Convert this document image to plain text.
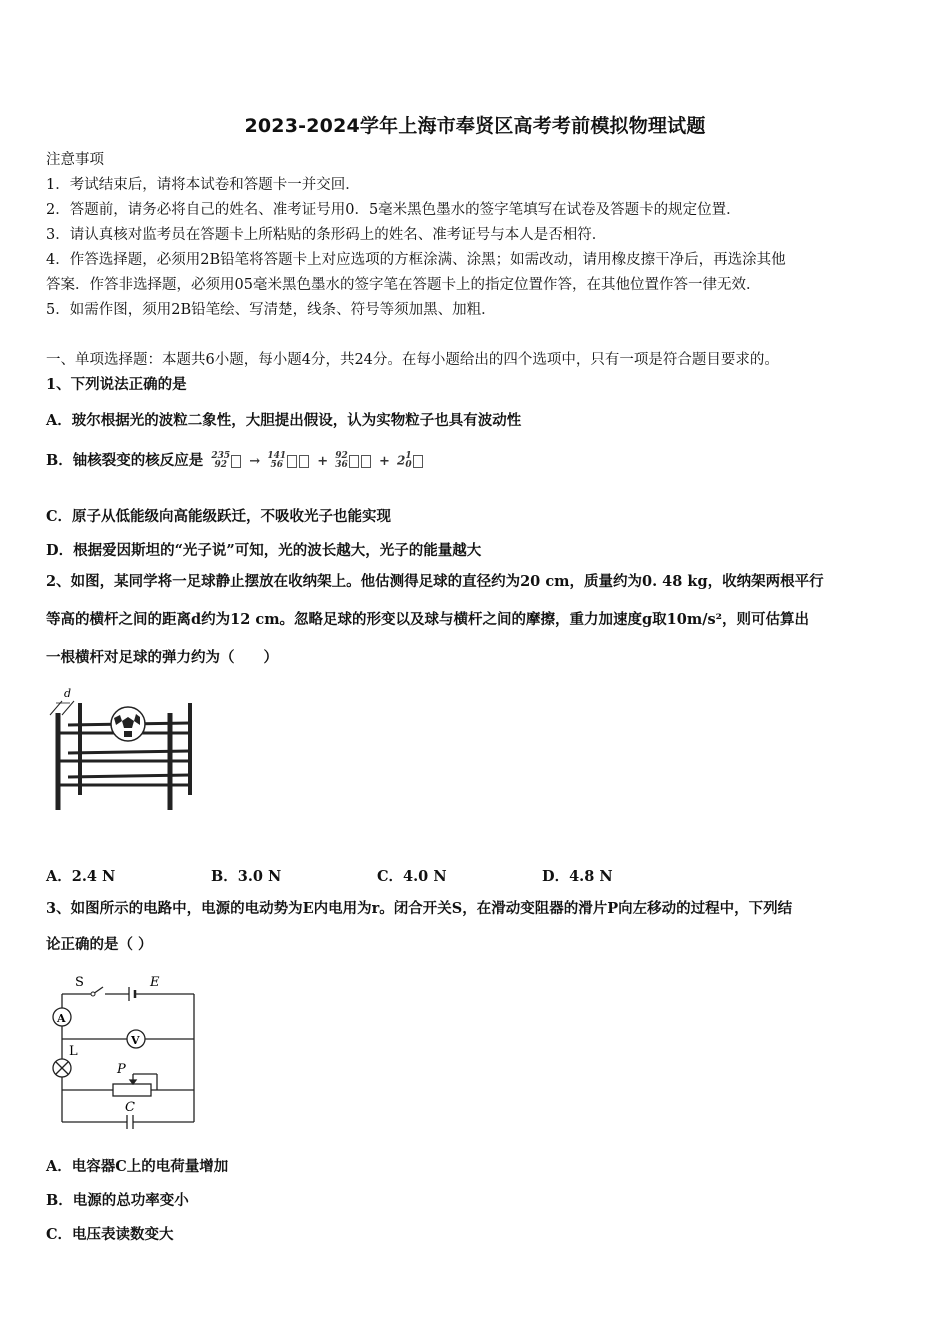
2023-2024学年上海市奉贤区高考考前模拟物理试题
注意事项
1．考试结束后，请将本试卷和答题卡一并交回．
2．答题前，请务必将自己的姓名、准考证号用0．5毫米黑色墨水的签字笔填写在试卷及答题卡的规定位置．
3．请认真核对监考员在答题卡上所粘贴的条形码上的姓名、准考证号与本人是否相符．
4．作答选择题，必须用2B铅笔将答题卡上对应选项的方框涂满、涂黑；如需改动，请用橡皮擦干净后，再选涂其他
答案．作答非选择题，必须用05毫米黑色墨水的签字笔在答题卡上的指定位置作答，在其他位置作答一律无效．
5．如需作图，须用2B铅笔绘、写清楚，线条、符号等须加黑、加粗．
一、单项选择题：本题共6小题，每小题4分，共24分。在每小题给出的四个选项中，只有一项是符合题目要求的。
1、下列说法正确的是
A．玻尔根据光的波粒二象性，大胆提出假设，认为实物粒子也具有波动性
B．铀核裂变的核反应是 235
92 → 141
56	+ 92
36 + 2 1
0
C．原子从低能级向高能级跃迁，不吸收光子也能实现
D．根据爱因斯坦的“光子说”可知，光的波长越大，光子的能量越大
2、如图，某同学将一足球静止摆放在收纳架上。他估测得足球的直径约为20 cm，质量约为0. 48 kg，收纳架两根平行
等高的横杆之间的距离d约为12 cm。忽略足球的形变以及球与横杆之间的摩擦，重力加速度g取10m/s²，则可估算出
一根横杆对足球的弹力约为（　　）
d
A．2.4 N	B．3.0 N	C．4.0 N	D．4.8 N
3、如图所示的电路中，电源的电动势为E内电用为r。闭合开关S，在滑动变阻器的滑片P向左移动的过程中，下列结
论正确的是（ ）
S	E
A
V
L
P
C
A．电容器C上的电荷量增加
B．电源的总功率变小
C．电压表读数变大
